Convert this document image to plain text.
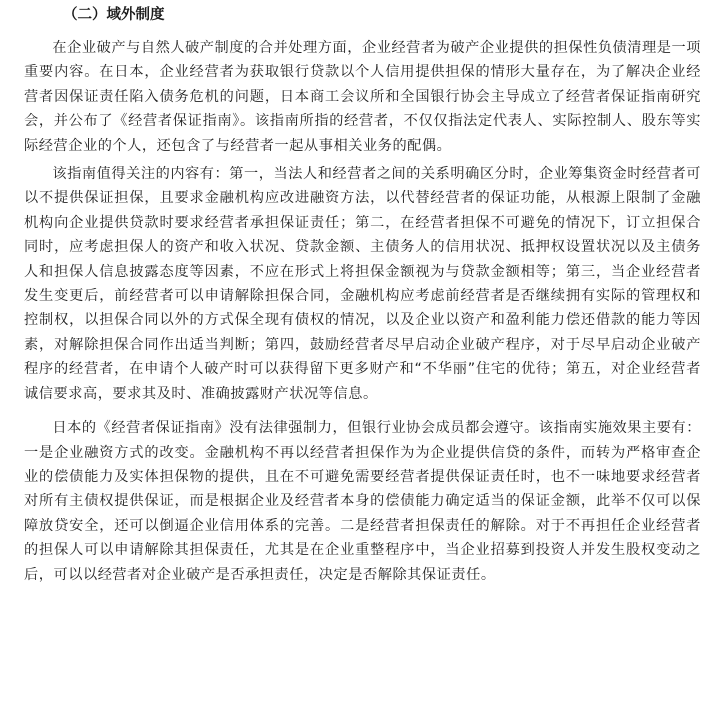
（二）域外制度

在企业破产与自然人破产制度的合并处理方面，企业经营者为破产企业提供的担保性负债清理是一项重要内容。在日本，企业经营者为获取银行贷款以个人信用提供担保的情形大量存在，为了解决企业经营者因保证责任陷入债务危机的问题，日本商工会议所和全国银行协会主导成立了经营者保证指南研究会，并公布了《经营者保证指南》。该指南所指的经营者，不仅仅指法定代表人、实际控制人、股东等实际经营企业的个人，还包含了与经营者一起从事相关业务的配偶。

该指南值得关注的内容有：第一，当法人和经营者之间的关系明确区分时，企业筹集资金时经营者可以不提供保证担保，且要求金融机构应改进融资方法，以代替经营者的保证功能，从根源上限制了金融机构向企业提供贷款时要求经营者承担保证责任；第二，在经营者担保不可避免的情况下，订立担保合同时，应考虑担保人的资产和收入状况、贷款金额、主债务人的信用状况、抵押权设置状况以及主债务人和担保人信息披露态度等因素，不应在形式上将担保金额视为与贷款金额相等；第三，当企业经营者发生变更后，前经营者可以申请解除担保合同，金融机构应考虑前经营者是否继续拥有实际的管理权和控制权，以担保合同以外的方式保全现有债权的情况，以及企业以资产和盈利能力偿还借款的能力等因素，对解除担保合同作出适当判断；第四，鼓励经营者尽早启动企业破产程序，对于尽早启动企业破产程序的经营者，在申请个人破产时可以获得留下更多财产和“不华丽”住宅的优待；第五，对企业经营者诚信要求高，要求其及时、准确披露财产状况等信息。

日本的《经营者保证指南》没有法律强制力，但银行业协会成员都会遵守。该指南实施效果主要有：一是企业融资方式的改变。金融机构不再以经营者担保作为为企业提供信贷的条件，而转为严格审查企业的偿债能力及实体担保物的提供，且在不可避免需要经营者提供保证责任时，也不一味地要求经营者对所有主债权提供保证，而是根据企业及经营者本身的偿债能力确定适当的保证金额，此举不仅可以保障放贷安全，还可以倒逼企业信用体系的完善。二是经营者担保责任的解除。对于不再担任企业经营者的担保人可以申请解除其担保责任，尤其是在企业重整程序中，当企业招募到投资人并发生股权变动之后，可以以经营者对企业破产是否承担责任，决定是否解除其保证责任。
